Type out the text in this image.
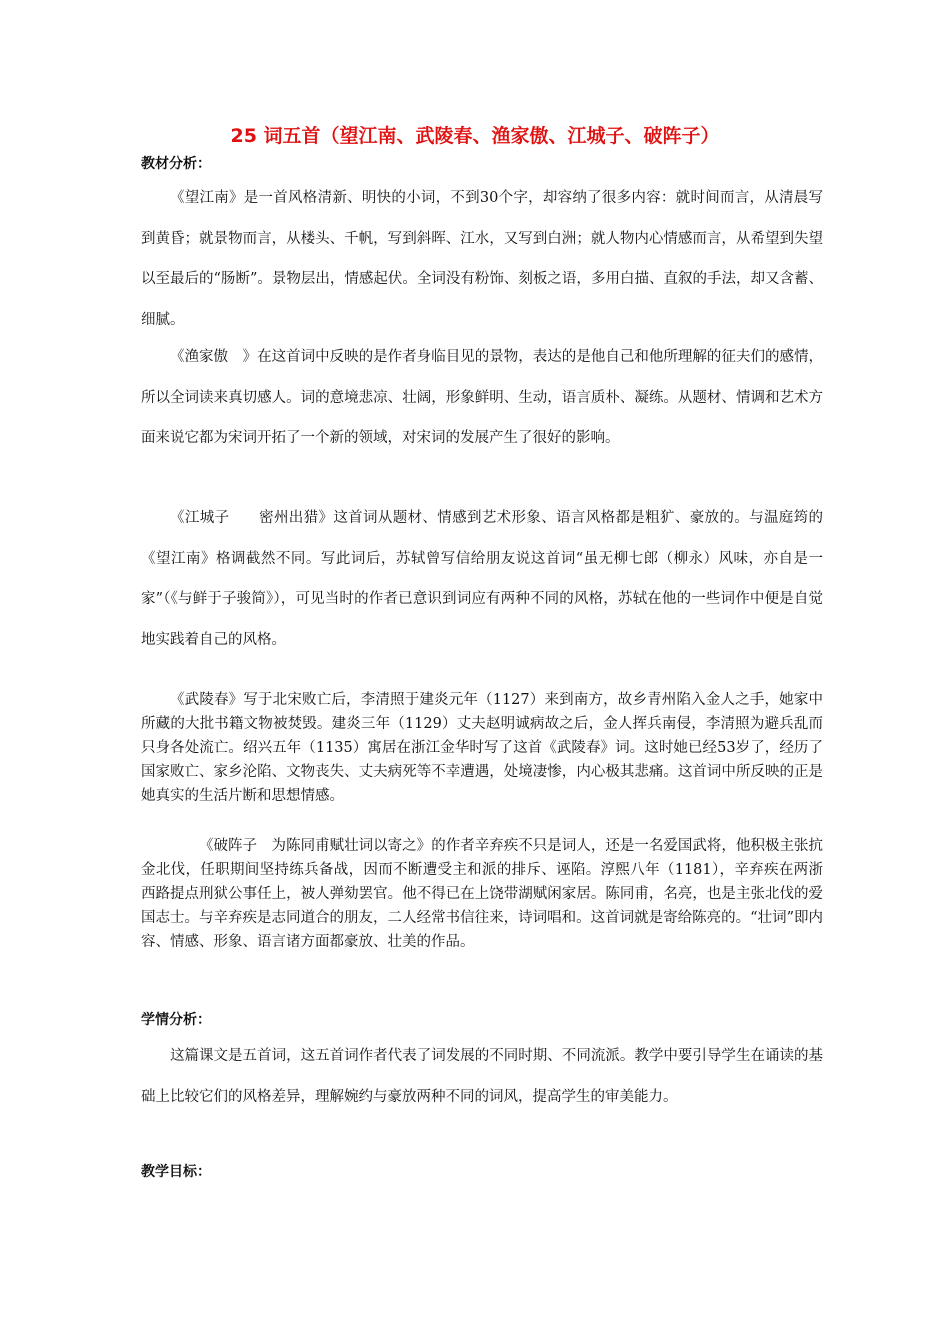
25 词五首（望江南、武陵春、渔家傲、江城子、破阵子）
教材分析：

《望江南》是一首风格清新、明快的小词，不到30个字，却容纳了很多内容：就时间而言，从清晨写到黄昏；就景物而言，从楼头、千帆，写到斜晖、江水，又写到白洲；就人物内心情感而言，从希望到失望以至最后的“肠断”。景物层出，情感起伏。全词没有粉饰、刻板之语，多用白描、直叙的手法，却又含蓄、细腻。

《渔家傲　》在这首词中反映的是作者身临目见的景物，表达的是他自己和他所理解的征夫们的感情，所以全词读来真切感人。词的意境悲凉、壮阔，形象鲜明、生动，语言质朴、凝练。从题材、情调和艺术方面来说它都为宋词开拓了一个新的领域，对宋词的发展产生了很好的影响。

《江城子　　密州出猎》这首词从题材、情感到艺术形象、语言风格都是粗犷、豪放的。与温庭筠的《望江南》格调截然不同。写此词后，苏轼曾写信给朋友说这首词“虽无柳七郎（柳永）风味，亦自是一家”（《与鲜于子骏简》），可见当时的作者已意识到词应有两种不同的风格，苏轼在他的一些词作中便是自觉地实践着自己的风格。

《武陵春》写于北宋败亡后，李清照于建炎元年（1127）来到南方，故乡青州陷入金人之手，她家中所藏的大批书籍文物被焚毁。建炎三年（1129）丈夫赵明诚病故之后，金人挥兵南侵，李清照为避兵乱而只身各处流亡。绍兴五年（1135）寓居在浙江金华时写了这首《武陵春》词。这时她已经53岁了，经历了国家败亡、家乡沦陷、文物丧失、丈夫病死等不幸遭遇，处境凄惨，内心极其悲痛。这首词中所反映的正是她真实的生活片断和思想情感。

《破阵子　为陈同甫赋壮词以寄之》的作者辛弃疾不只是词人，还是一名爱国武将，他积极主张抗金北伐，任职期间坚持练兵备战，因而不断遭受主和派的排斥、诬陷。淳熙八年（1181），辛弃疾在两浙西路提点刑狱公事任上，被人弹劾罢官。他不得已在上饶带湖赋闲家居。陈同甫，名亮，也是主张北伐的爱国志士。与辛弃疾是志同道合的朋友，二人经常书信往来，诗词唱和。这首词就是寄给陈亮的。“壮词”即内容、情感、形象、语言诸方面都豪放、壮美的作品。

学情分析：

这篇课文是五首词，这五首词作者代表了词发展的不同时期、不同流派。教学中要引导学生在诵读的基础上比较它们的风格差异，理解婉约与豪放两种不同的词风，提高学生的审美能力。

教学目标：
